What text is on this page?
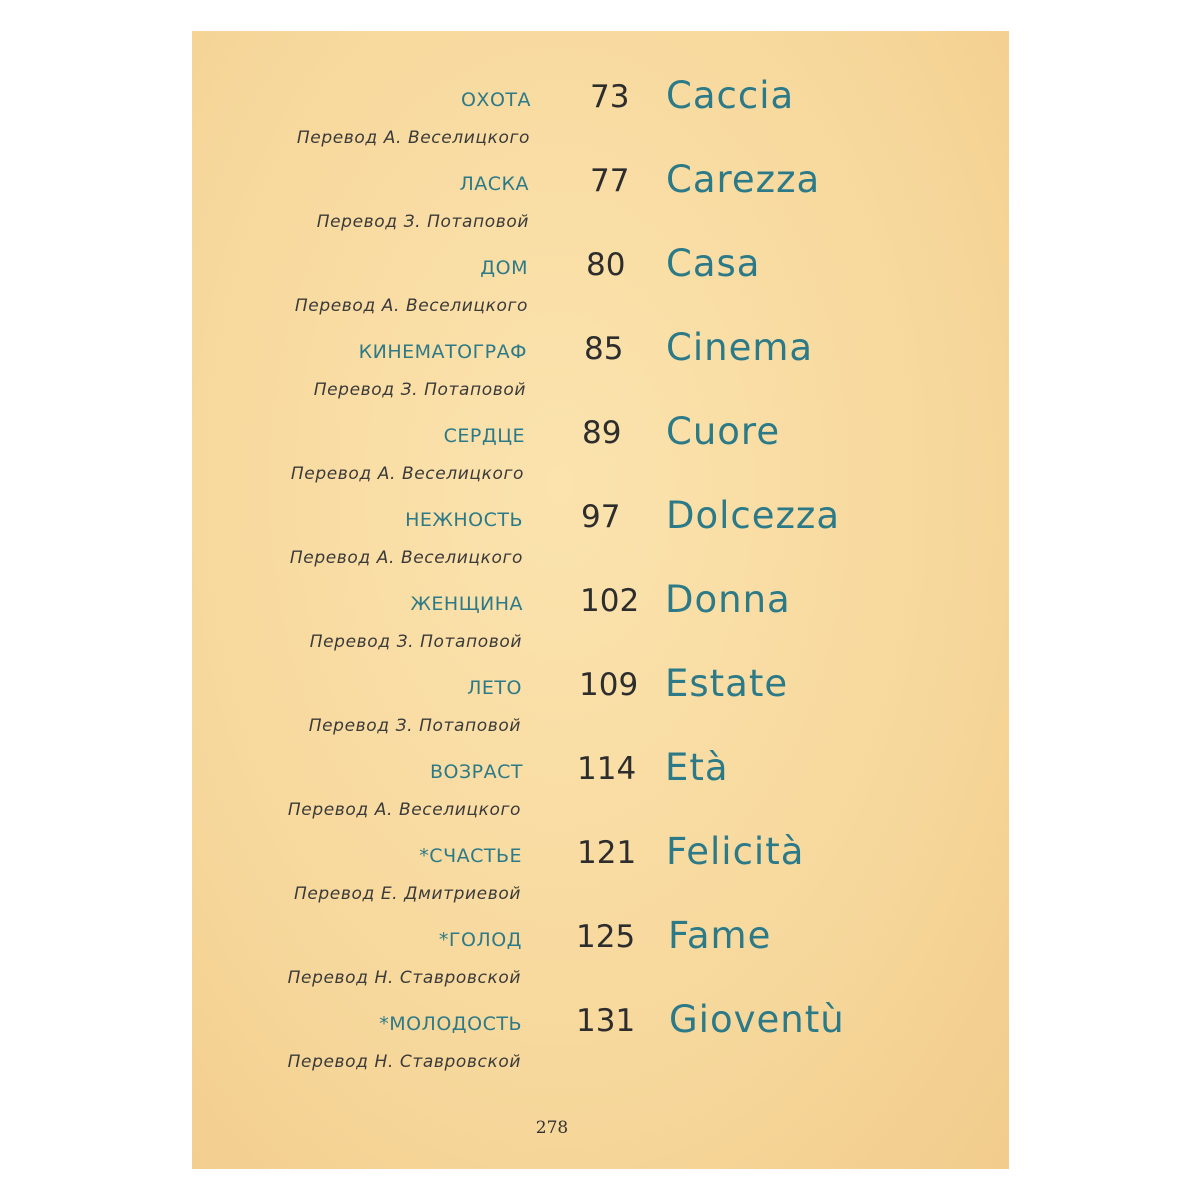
ОХОТА 73 Caccia
Перевод А. Веселицкого
ЛАСКА 77 Carezza
Перевод З. Потаповой
ДОМ 80 Casa
Перевод А. Веселицкого
КИНЕМАТОГРАФ 85 Cinema
Перевод З. Потаповой
СЕРДЦЕ 89 Cuore
Перевод А. Веселицкого
НЕЖНОСТЬ 97 Dolcezza
Перевод А. Веселицкого
ЖЕНЩИНА 102 Donna
Перевод З. Потаповой
ЛЕТО 109 Estate
Перевод З. Потаповой
ВОЗРАСТ 114 Età
Перевод А. Веселицкого
*СЧАСТЬЕ 121 Felicità
Перевод Е. Дмитриевой
*ГОЛОД 125 Fame
Перевод Н. Ставровской
*МОЛОДОСТЬ 131 Gioventù
Перевод Н. Ставровской
278
